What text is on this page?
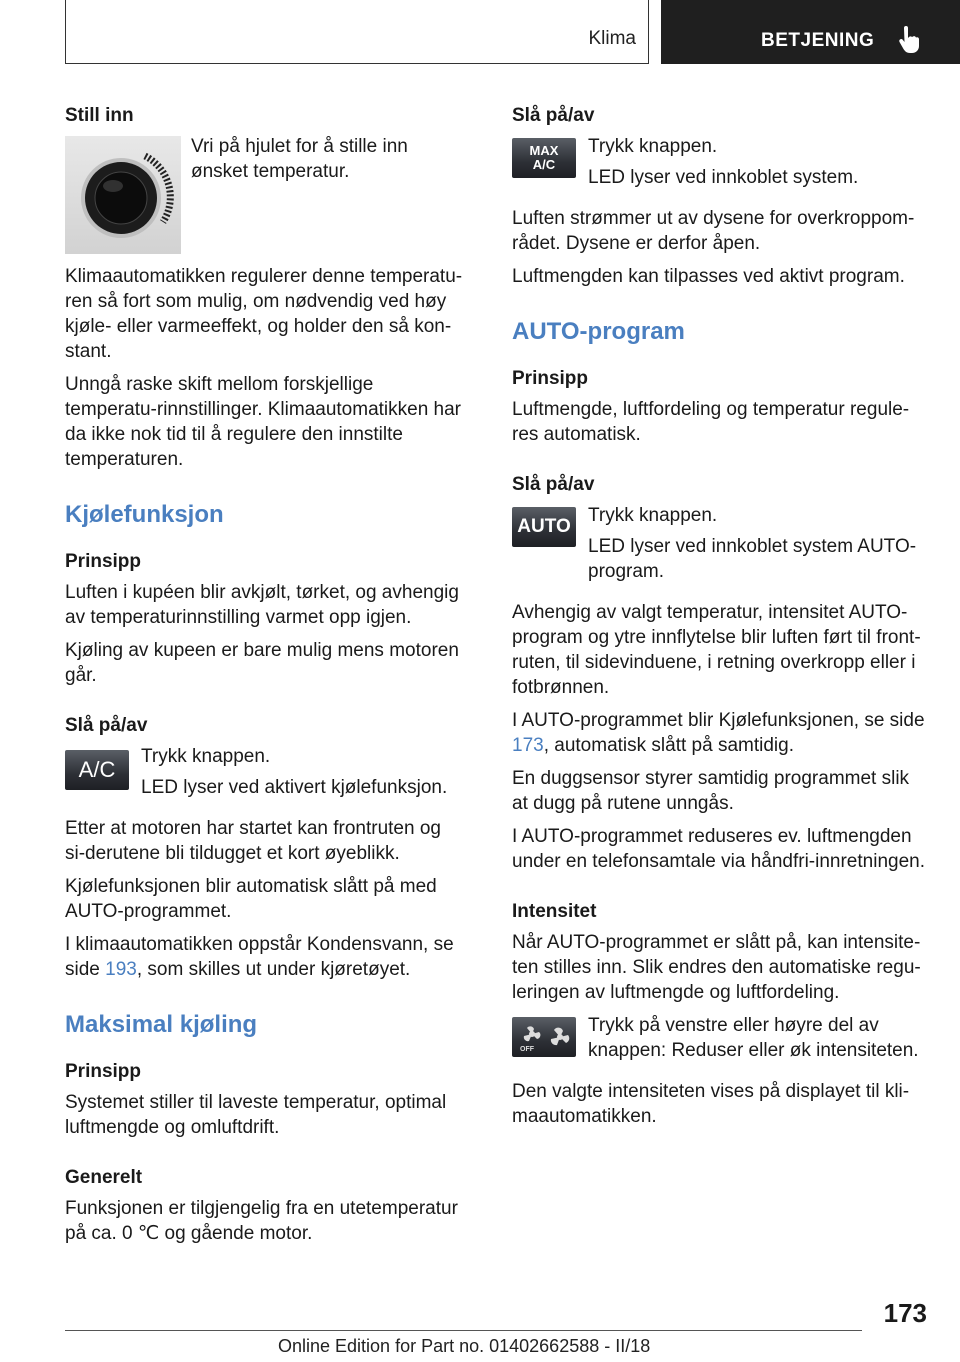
Klima	BETJENING
Still inn

Vri på hjulet for å stille inn ønsket temperatur.

Klimaautomatikken regulerer denne temperatu-ren så fort som mulig, om nødvendig ved høy kjøle- eller varmeeffekt, og holder den så kon-stant.

Unngå raske skift mellom forskjellige temperatu-rinnstillinger. Klimaautomatikken har da ikke nok tid til å regulere den innstilte temperaturen.

Kjølefunksjon
Prinsipp

Luften i kupéen blir avkjølt, tørket, og avhengig av temperaturinnstilling varmet opp igjen.

Kjøling av kupeen er bare mulig mens motoren går.

Slå på/av
A/C

Trykk knappen.

LED lyser ved aktivert kjølefunksjon.

Etter at motoren har startet kan frontruten og si-derutene bli tildugget et kort øyeblikk.

Kjølefunksjonen blir automatisk slått på med AUTO-programmet.

I klimaautomatikken oppstår Kondensvann, se side 193, som skilles ut under kjøretøyet.

Maksimal kjøling
Prinsipp

Systemet stiller til laveste temperatur, optimal luftmengde og omluftdrift.

Generelt

Funksjonen er tilgjengelig fra en utetemperatur på ca. 0 ℃ og gående motor.

Slå på/av
MAX
A/C

Trykk knappen.

LED lyser ved innkoblet system.

Luften strømmer ut av dysene for overkroppom-rådet. Dysene er derfor åpen.

Luftmengden kan tilpasses ved aktivt program.

AUTO-program
Prinsipp

Luftmengde, luftfordeling og temperatur regule-res automatisk.

Slå på/av
AUTO

Trykk knappen.

LED lyser ved innkoblet system AUTO-program.

Avhengig av valgt temperatur, intensitet AUTO-program og ytre innflytelse blir luften ført til front-ruten, til sidevinduene, i retning overkropp eller i fotbrønnen.

I AUTO-programmet blir Kjølefunksjonen, se side 173, automatisk slått på samtidig.

En duggsensor styrer samtidig programmet slik at dugg på rutene unngås.

I AUTO-programmet reduseres ev. luftmengden under en telefonsamtale via håndfri-innretningen.

Intensitet

Når AUTO-programmet er slått på, kan intensite-ten stilles inn. Slik endres den automatiske regu-leringen av luftmengde og luftfordeling.

OFF

Trykk på venstre eller høyre del av knappen: Reduser eller øk intensiteten.

Den valgte intensiteten vises på displayet til kli-maautomatikken.

173
Online Edition for Part no. 01402662588 - II/18
